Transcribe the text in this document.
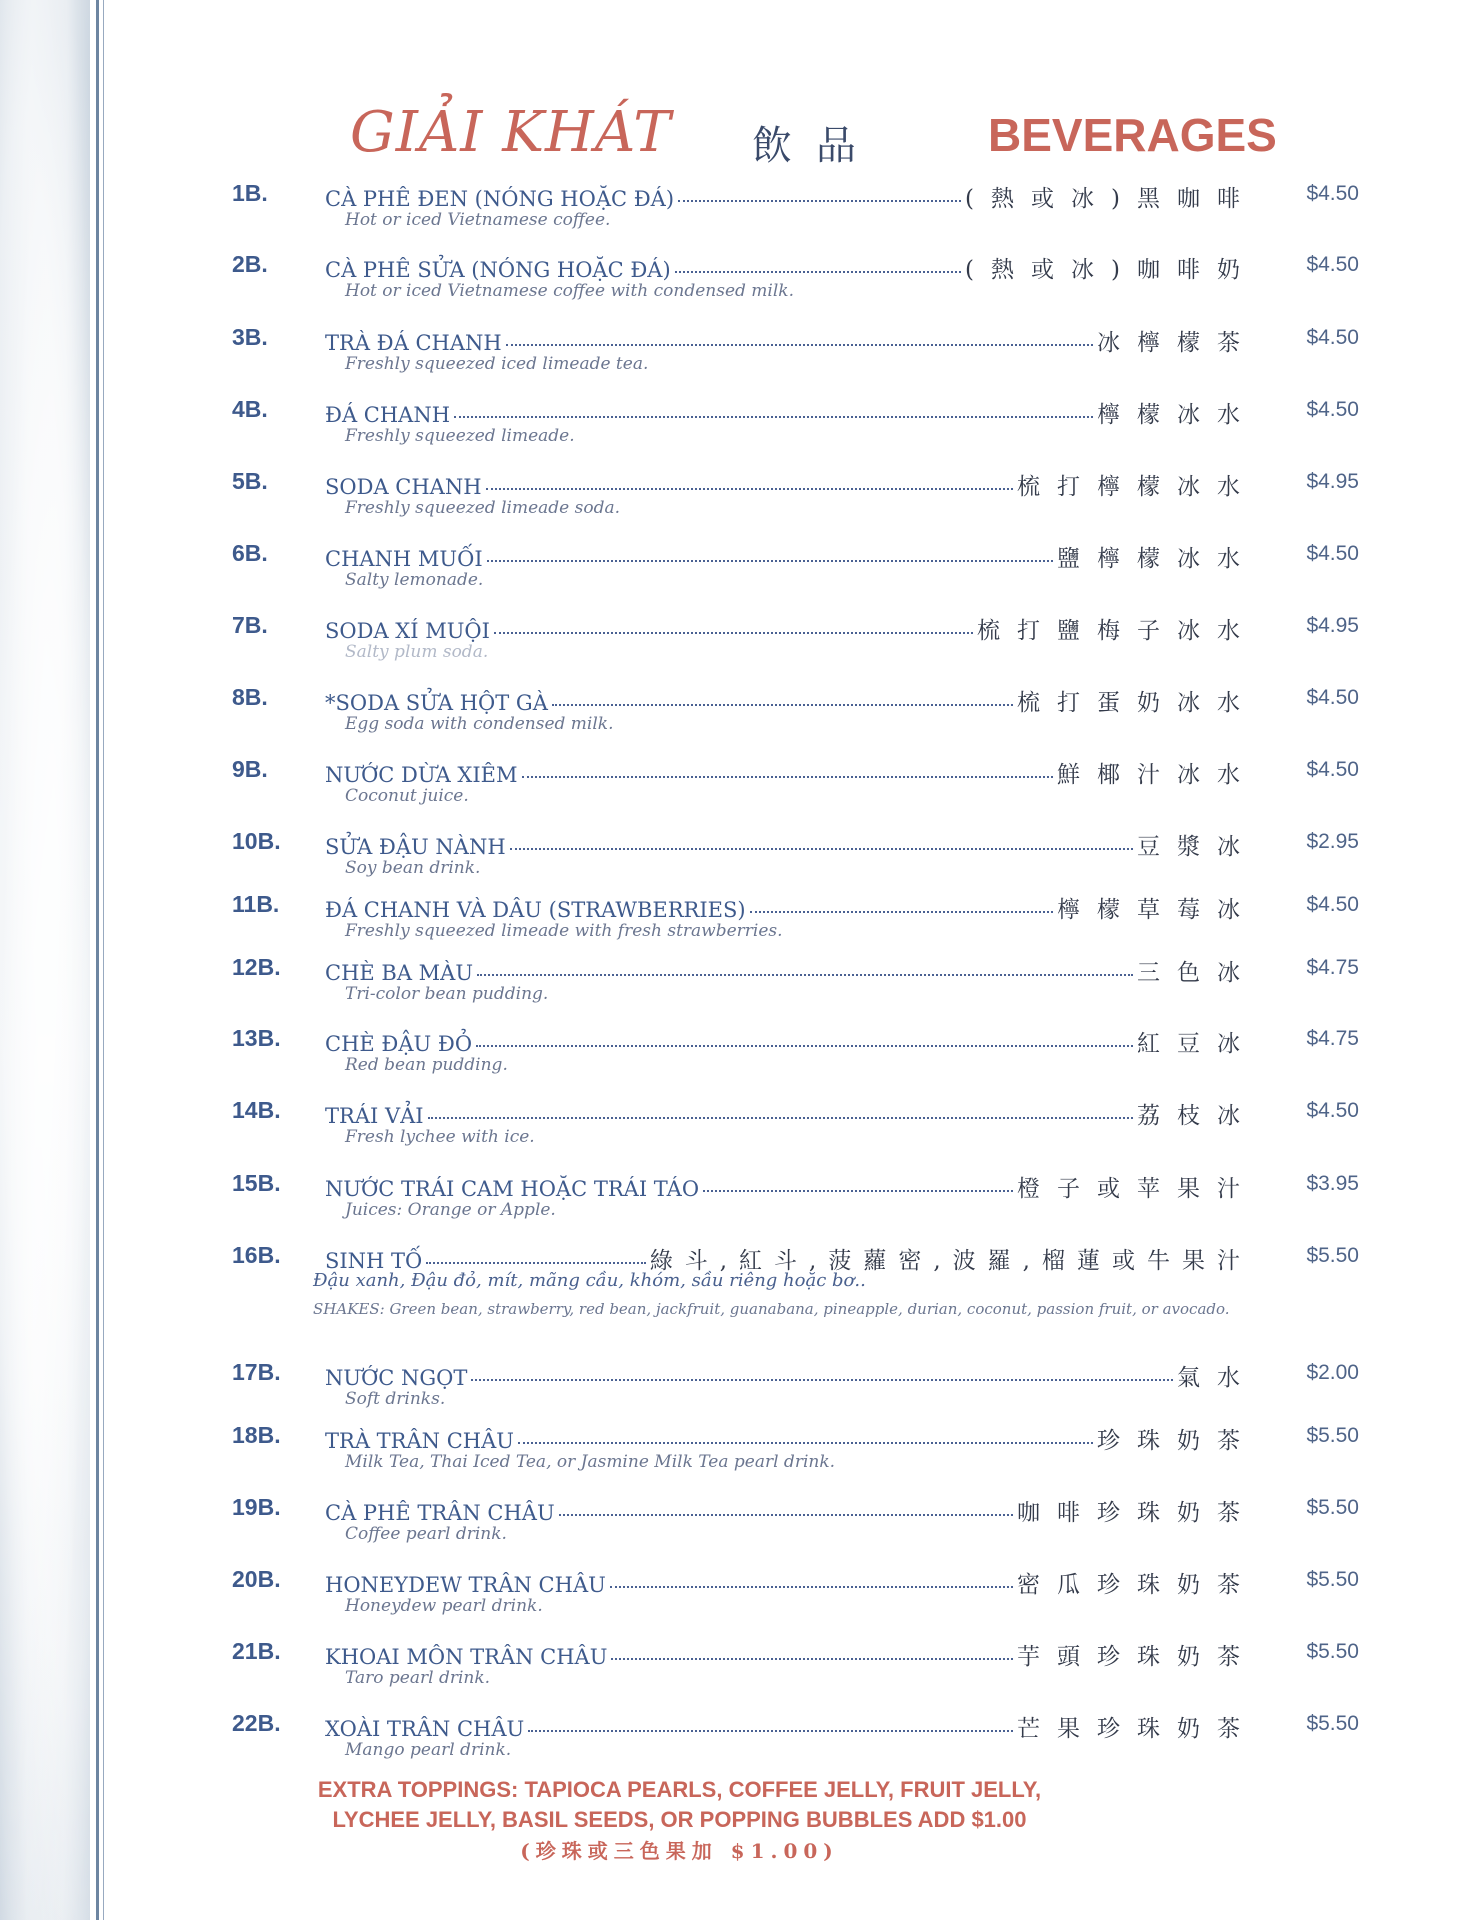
GIẢI KHÁT 飲品 BEVERAGES
1B.	CÀ PHÊ ĐEN (NÓNG HOẶC ĐÁ)	(熱或冰)黑咖啡 $4.50
Hot or iced Vietnamese coffee.
2B.	CÀ PHÊ SỬA (NÓNG HOẶC ĐÁ)	(熱或冰)咖啡奶 $4.50
Hot or iced Vietnamese coffee with condensed milk.
3B.	TRÀ ĐÁ CHANH	冰檸檬茶 $4.50
Freshly squeezed iced limeade tea.
4B.	ĐÁ CHANH	檸檬冰水 $4.50
Freshly squeezed limeade.
5B.	SODA CHANH	梳打檸檬冰水 $4.95
Freshly squeezed limeade soda.
6B.	CHANH MUỐI	鹽檸檬冰水 $4.50
Salty lemonade.
7B.	SODA XÍ MUỘI	梳打鹽梅子冰水 $4.95
Salty plum soda.
8B.	*SODA SỬA HỘT GÀ	梳打蛋奶冰水 $4.50
Egg soda with condensed milk.
9B.	NƯỚC DỪA XIÊM	鮮椰汁冰水 $4.50
Coconut juice.
10B. SỬA ĐẬU NÀNH	豆漿冰 $2.95
Soy bean drink.
11B. ĐÁ CHANH VÀ DÂU (STRAWBERRIES)	檸檬草莓冰 $4.50
Freshly squeezed limeade with fresh strawberries.
12B. CHÈ BA MÀU	三色冰 $4.75
Tri-color bean pudding.
13B. CHÈ ĐẬU ĐỎ	紅豆冰 $4.75
Red bean pudding.
14B. TRÁI VẢI	荔枝冰 $4.50
Fresh lychee with ice.
15B. NƯỚC TRÁI CAM HOẶC TRÁI TÁO	橙子或苹果汁 $3.95
Juices: Orange or Apple.
16B. SINH TỐ	綠斗,紅斗,菠蘿密,波羅,榴蓮或牛果汁	$5.50
Đậu xanh, Đậu đỏ, mít, mãng cầu, khóm, sầu riêng hoặc bơ..
SHAKES: Green bean, strawberry, red bean, jackfruit, guanabana, pineapple, durian, coconut, passion fruit, or avocado.
17B. NƯỚC NGỌT	氣水 $2.00
Soft drinks.
18B. TRÀ TRÂN CHÂU	珍珠奶茶 $5.50
Milk Tea, Thai Iced Tea, or Jasmine Milk Tea pearl drink.
19B. CÀ PHÊ TRÂN CHÂU	咖啡珍珠奶茶 $5.50
Coffee pearl drink.
20B. HONEYDEW TRÂN CHÂU	密瓜珍珠奶茶 $5.50
Honeydew pearl drink.
21B. KHOAI MÔN TRÂN CHÂU	芋頭珍珠奶茶 $5.50
Taro pearl drink.
22B. XOÀI TRÂN CHÂU	芒果珍珠奶茶 $5.50
Mango pearl drink.
EXTRA TOPPINGS: TAPIOCA PEARLS, COFFEE JELLY, FRUIT JELLY,
LYCHEE JELLY, BASIL SEEDS, OR POPPING BUBBLES ADD $1.00
(珍珠或三色果加 $1.00)
